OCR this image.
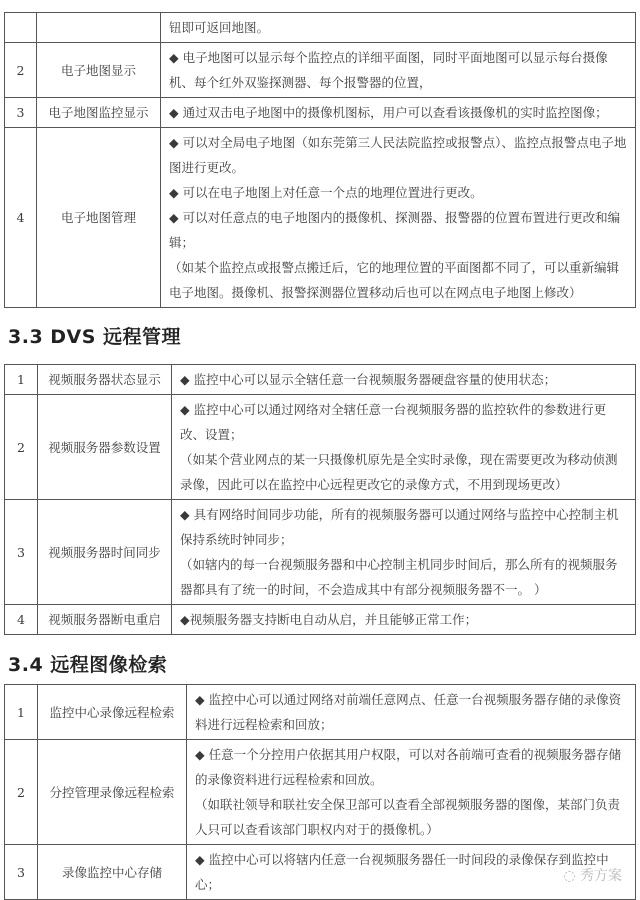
		钮即可返回地图。

2	电子地图显示	◆ 电子地图可以显示每个监控点的详细平面图，同时平面地图可以显示每台摄像机、每个红外双鉴探测器、每个报警器的位置，

3	电子地图监控显示	◆ 通过双击电子地图中的摄像机图标，用户可以查看该摄像机的实时监控图像；

4	电子地图管理	◆ 可以对全局电子地图（如东莞第三人民法院监控或报警点）、监控点报警点电子地图进行更改。
◆ 可以在电子地图上对任意一个点的地理位置进行更改。
◆ 可以对任意点的电子地图内的摄像机、探测器、报警器的位置布置进行更改和编辑；
（如某个监控点或报警点搬迁后，它的地理位置的平面图都不同了，可以重新编辑电子地图。摄像机、报警探测器位置移动后也可以在网点电子地图上修改）
3.3 DVS 远程管理
1	视频服务器状态显示	◆ 监控中心可以显示全辖任意一台视频服务器硬盘容量的使用状态；

2	视频服务器参数设置	◆ 监控中心可以通过网络对全辖任意一台视频服务器的监控软件的参数进行更改、设置；
（如某个营业网点的某一只摄像机原先是全实时录像，现在需要更改为移动侦测录像，因此可以在监控中心远程更改它的录像方式，不用到现场更改）

3	视频服务器时间同步	◆ 具有网络时间同步功能，所有的视频服务器可以通过网络与监控中心控制主机保持系统时钟同步；
（如辖内的每一台视频服务器和中心控制主机同步时间后，那么所有的视频服务器都具有了统一的时间，不会造成其中有部分视频服务器不一。 ）

4	视频服务器断电重启	◆视频服务器支持断电自动从启，并且能够正常工作；
3.4 远程图像检索
1	监控中心录像远程检索	◆ 监控中心可以通过网络对前端任意网点、任意一台视频服务器存储的录像资料进行远程检索和回放；

2	分控管理录像远程检索	◆ 任意一个分控用户依据其用户权限，可以对各前端可查看的视频服务器存储的录像资料进行远程检索和回放。
（如联社领导和联社安全保卫部可以查看全部视频服务器的图像，某部门负责人只可以查看该部门职权内对于的摄像机。）

3	录像监控中心存储	◆ 监控中心可以将辖内任意一台视频服务器任一时间段的录像保存到监控中心；
◌ 秀方案
